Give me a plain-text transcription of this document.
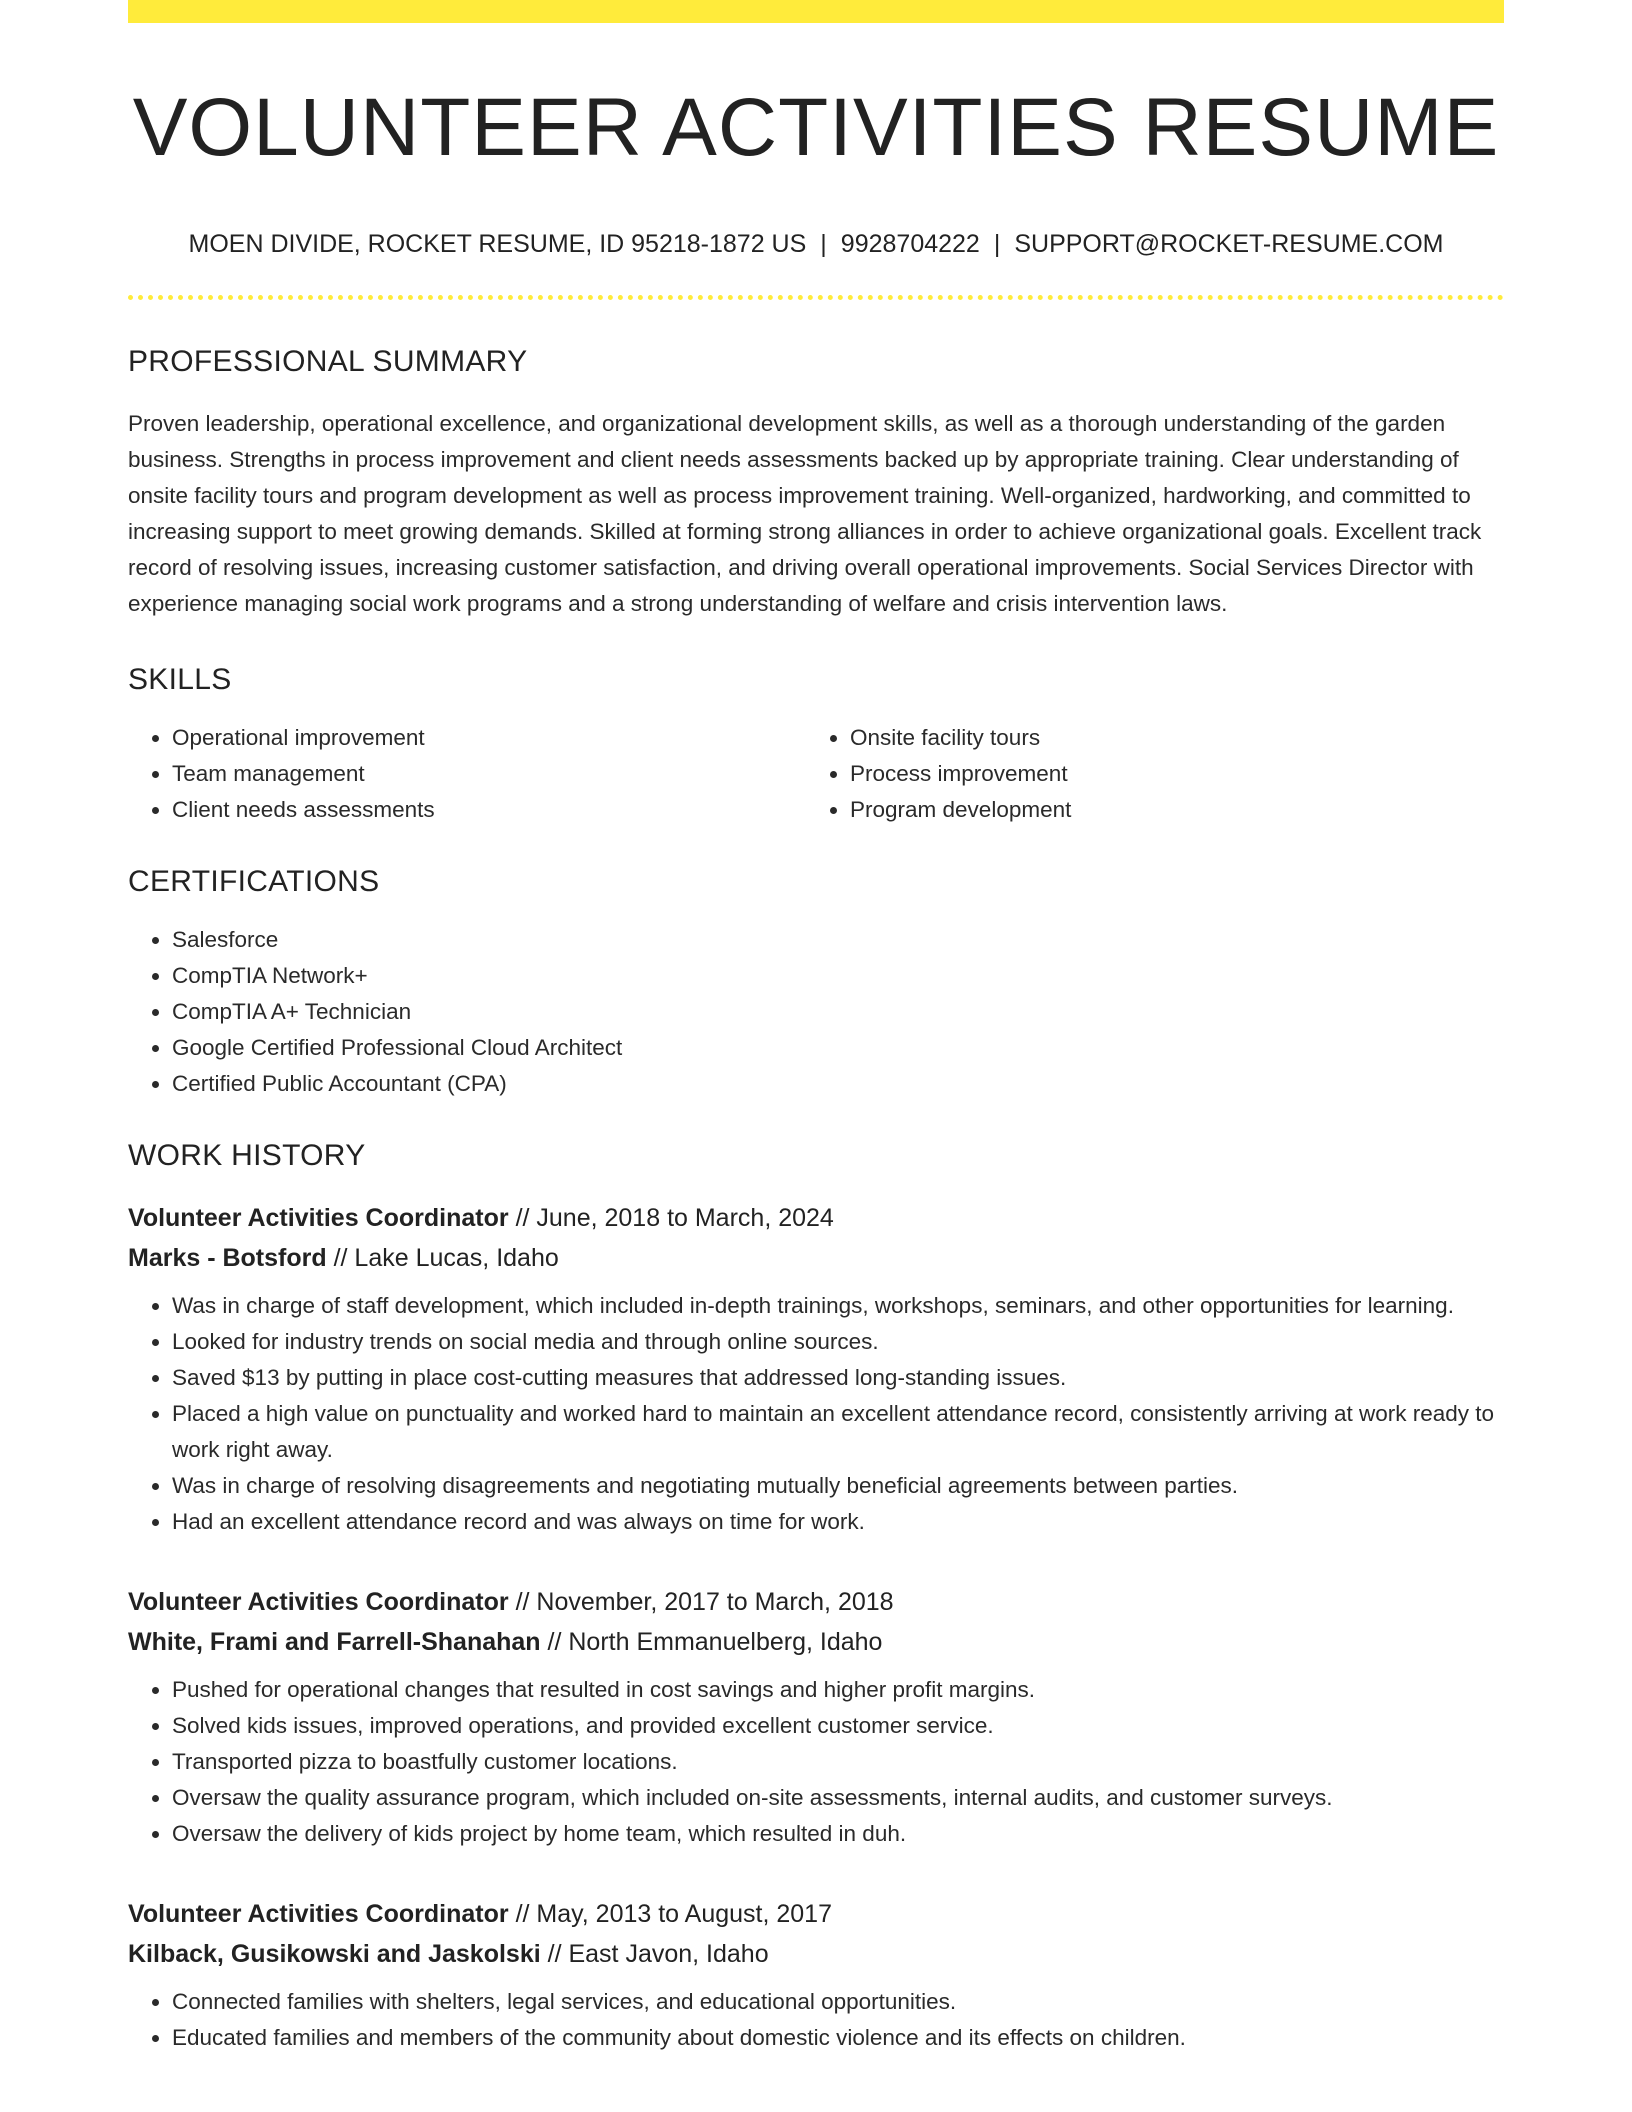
VOLUNTEER ACTIVITIES RESUME
MOEN DIVIDE, ROCKET RESUME, ID 95218-1872 US | 9928704222 | SUPPORT@ROCKET-RESUME.COM
PROFESSIONAL SUMMARY

Proven leadership, operational excellence, and organizational development skills, as well as a thorough understanding of the garden business. Strengths in process improvement and client needs assessments backed up by appropriate training. Clear understanding of onsite facility tours and program development as well as process improvement training. Well-organized, hardworking, and committed to increasing support to meet growing demands. Skilled at forming strong alliances in order to achieve organizational goals. Excellent track record of resolving issues, increasing customer satisfaction, and driving overall operational improvements. Social Services Director with experience managing social work programs and a strong understanding of welfare and crisis intervention laws.

SKILLS
• Operational improvement
• Team management
• Client needs assessments
• Onsite facility tours
• Process improvement
• Program development
CERTIFICATIONS
• Salesforce
• CompTIA Network+
• CompTIA A+ Technician
• Google Certified Professional Cloud Architect
• Certified Public Accountant (CPA)
WORK HISTORY
Volunteer Activities Coordinator // June, 2018 to March, 2024
Marks - Botsford // Lake Lucas, Idaho
• Was in charge of staff development, which included in-depth trainings, workshops, seminars, and other opportunities for learning.
• Looked for industry trends on social media and through online sources.
• Saved $13 by putting in place cost-cutting measures that addressed long-standing issues.
• Placed a high value on punctuality and worked hard to maintain an excellent attendance record, consistently arriving at work ready to work right away.
• Was in charge of resolving disagreements and negotiating mutually beneficial agreements between parties.
• Had an excellent attendance record and was always on time for work.
Volunteer Activities Coordinator // November, 2017 to March, 2018
White, Frami and Farrell-Shanahan // North Emmanuelberg, Idaho
• Pushed for operational changes that resulted in cost savings and higher profit margins.
• Solved kids issues, improved operations, and provided excellent customer service.
• Transported pizza to boastfully customer locations.
• Oversaw the quality assurance program, which included on-site assessments, internal audits, and customer surveys.
• Oversaw the delivery of kids project by home team, which resulted in duh.
Volunteer Activities Coordinator // May, 2013 to August, 2017
Kilback, Gusikowski and Jaskolski // East Javon, Idaho
• Connected families with shelters, legal services, and educational opportunities.
• Educated families and members of the community about domestic violence and its effects on children.
